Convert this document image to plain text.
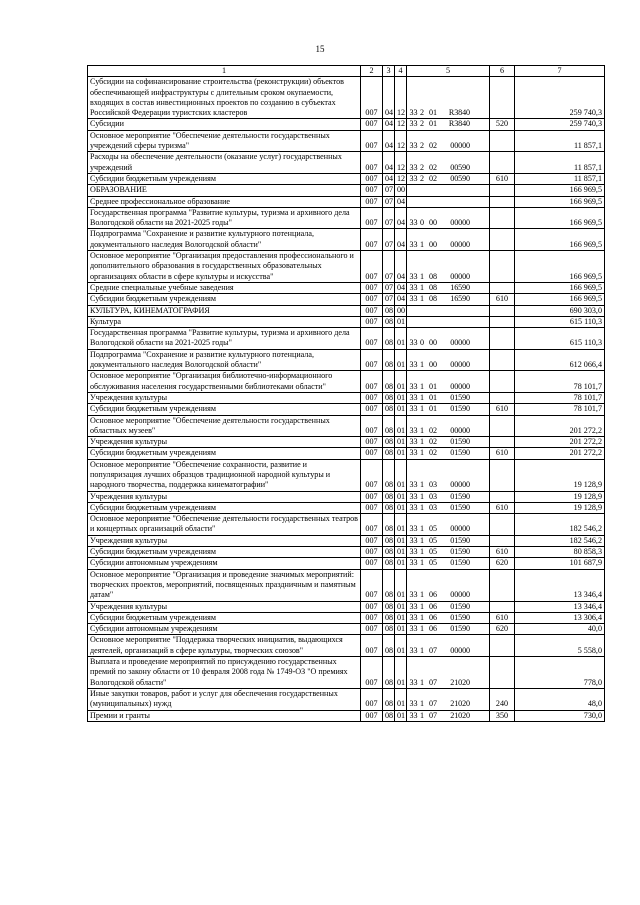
15
1	2	3	4	5	6	7
Субсидии на софинансирование строительства (реконструкции) объектов обеспечивающей инфраструктуры с длительным сроком окупаемости, входящих в состав инвестиционных проектов по созданию в субъектах Российской Федерации туристских кластеров	007	04	12	33 2 01 R3840		259 740,3
Субсидии	007	04	12	33 2 01 R3840	520	259 740,3
Основное мероприятие "Обеспечение деятельности государственных учреждений сферы туризма"	007	04	12	33 2 02 00000		11 857,1
Расходы на обеспечение деятельности (оказание услуг) государственных учреждений	007	04	12	33 2 02 00590		11 857,1
Субсидии бюджетным учреждениям	007	04	12	33 2 02 00590	610	11 857,1
ОБРАЗОВАНИЕ	007	07	00			166 969,5
Среднее профессиональное образование	007	07	04			166 969,5
Государственная программа "Развитие культуры, туризма и архивного дела Вологодской области на 2021-2025 годы"	007	07	04	33 0 00 00000		166 969,5
Подпрограмма "Сохранение и развитие культурного потенциала, документального наследия Вологодской области"	007	07	04	33 1 00 00000		166 969,5
Основное мероприятие "Организация предоставления профессионального и дополнительного образования в государственных образовательных организациях области в сфере культуры и искусства"	007	07	04	33 1 08 00000		166 969,5
Средние специальные учебные заведения	007	07	04	33 1 08 16590		166 969,5
Субсидии бюджетным учреждениям	007	07	04	33 1 08 16590	610	166 969,5
КУЛЬТУРА, КИНЕМАТОГРАФИЯ	007	08	00			690 303,0
Культура	007	08	01			615 110,3
Государственная программа "Развитие культуры, туризма и архивного дела Вологодской области на 2021-2025 годы"	007	08	01	33 0 00 00000		615 110,3
Подпрограмма "Сохранение и развитие культурного потенциала, документального наследия Вологодской области"	007	08	01	33 1 00 00000		612 066,4
Основное мероприятие "Организация библиотечно-информационного обслуживания населения государственными библиотеками области"	007	08	01	33 1 01 00000		78 101,7
Учреждения культуры	007	08	01	33 1 01 01590		78 101,7
Субсидии бюджетным учреждениям	007	08	01	33 1 01 01590	610	78 101,7
Основное мероприятие "Обеспечение деятельности государственных областных музеев"	007	08	01	33 1 02 00000		201 272,2
Учреждения культуры	007	08	01	33 1 02 01590		201 272,2
Субсидии бюджетным учреждениям	007	08	01	33 1 02 01590	610	201 272,2
Основное мероприятие "Обеспечение сохранности, развитие и популяризация лучших образцов традиционной народной культуры и народного творчества, поддержка кинематографии"	007	08	01	33 1 03 00000		19 128,9
Учреждения культуры	007	08	01	33 1 03 01590		19 128,9
Субсидии бюджетным учреждениям	007	08	01	33 1 03 01590	610	19 128,9
Основное мероприятие "Обеспечение деятельности государственных театров и концертных организаций области"	007	08	01	33 1 05 00000		182 546,2
Учреждения культуры	007	08	01	33 1 05 01590		182 546,2
Субсидии бюджетным учреждениям	007	08	01	33 1 05 01590	610	80 858,3
Субсидии автономным учреждениям	007	08	01	33 1 05 01590	620	101 687,9
Основное мероприятие "Организация и проведение значимых мероприятий: творческих проектов, мероприятий, посвященных праздничным и памятным датам"	007	08	01	33 1 06 00000		13 346,4
Учреждения культуры	007	08	01	33 1 06 01590		13 346,4
Субсидии бюджетным учреждениям	007	08	01	33 1 06 01590	610	13 306,4
Субсидии автономным учреждениям	007	08	01	33 1 06 01590	620	40,0
Основное мероприятие "Поддержка творческих инициатив, выдающихся деятелей, организаций в сфере культуры, творческих союзов"	007	08	01	33 1 07 00000		5 558,0
Выплата и проведение мероприятий по присуждению государственных премий по закону области от 10 февраля 2008 года № 1749-ОЗ "О премиях Вологодской области"	007	08	01	33 1 07 21020		778,0
Иные закупки товаров, работ и услуг для обеспечения государственных (муниципальных) нужд	007	08	01	33 1 07 21020	240	48,0
Премии и гранты	007	08	01	33 1 07 21020	350	730,0
